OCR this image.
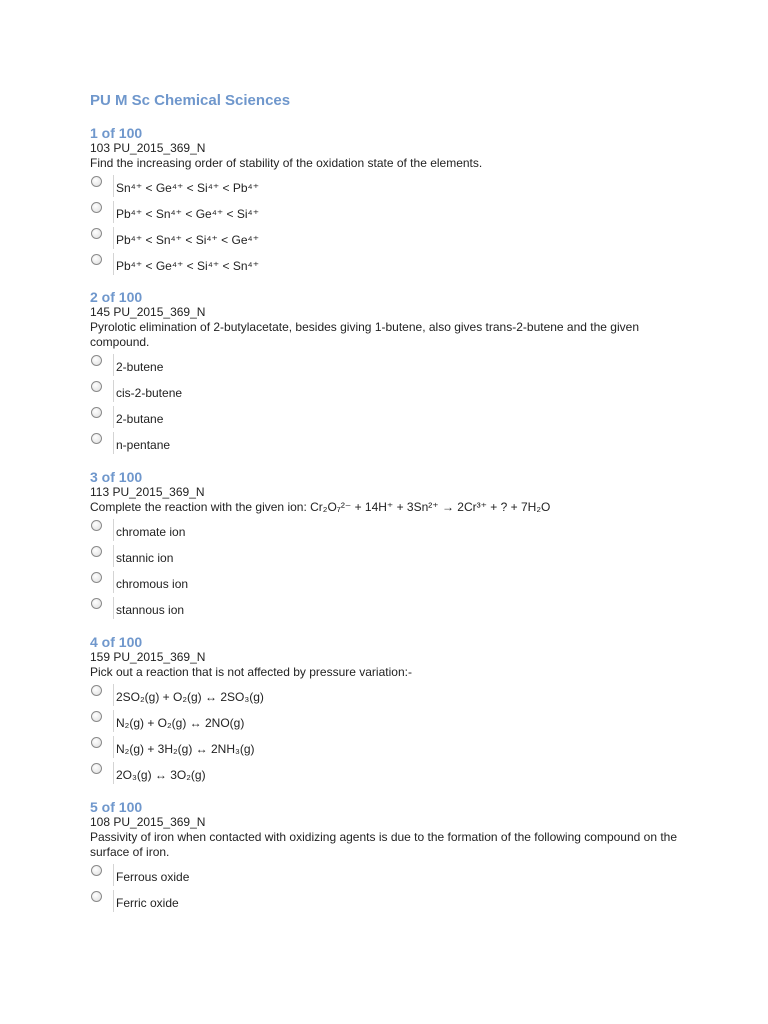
PU M Sc Chemical Sciences
1 of 100
103 PU_2015_369_N
Find the increasing order of stability of the oxidation state of the elements.
Sn⁴⁺ < Ge⁴⁺ < Si⁴⁺ < Pb⁴⁺
Pb⁴⁺ < Sn⁴⁺ < Ge⁴⁺ < Si⁴⁺
Pb⁴⁺ < Sn⁴⁺ < Si⁴⁺ < Ge⁴⁺
Pb⁴⁺ < Ge⁴⁺ < Si⁴⁺ < Sn⁴⁺
2 of 100
145 PU_2015_369_N
Pyrolotic elimination of 2-butylacetate, besides giving 1-butene, also gives trans-2-butene and the given compound.
2-butene
cis-2-butene
2-butane
n-pentane
3 of 100
113 PU_2015_369_N
Complete the reaction with the given ion: Cr₂O₇²⁻ + 14H⁺ + 3Sn²⁺ → 2Cr³⁺ + ? + 7H₂O
chromate ion
stannic ion
chromous ion
stannous ion
4 of 100
159 PU_2015_369_N
Pick out a reaction that is not affected by pressure variation:-
2SO₂(g) + O₂(g) ↔ 2SO₃(g)
N₂(g) + O₂(g) ↔ 2NO(g)
N₂(g) + 3H₂(g) ↔ 2NH₃(g)
2O₃(g) ↔ 3O₂(g)
5 of 100
108 PU_2015_369_N
Passivity of iron when contacted with oxidizing agents is due to the formation of the following compound on the surface of iron.
Ferrous oxide
Ferric oxide
